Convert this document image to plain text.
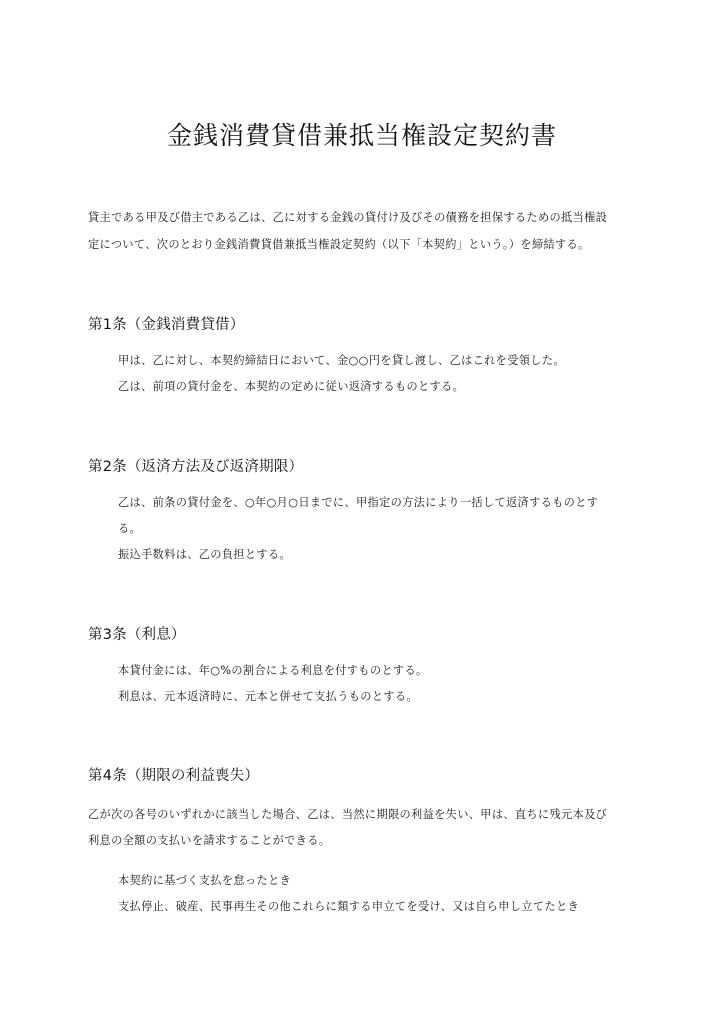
金銭消費貸借兼抵当権設定契約書
貸主である甲及び借主である乙は、乙に対する金銭の貸付け及びその債務を担保するための抵当権設
定について、次のとおり金銭消費貸借兼抵当権設定契約（以下「本契約」という。）を締結する。
第1条（金銭消費貸借）
甲は、乙に対し、本契約締結日において、金○○円を貸し渡し、乙はこれを受領した。
乙は、前項の貸付金を、本契約の定めに従い返済するものとする。
第2条（返済方法及び返済期限）
乙は、前条の貸付金を、○年○月○日までに、甲指定の方法により一括して返済するものとす
る。
振込手数料は、乙の負担とする。
第3条（利息）
本貸付金には、年○%の割合による利息を付すものとする。
利息は、元本返済時に、元本と併せて支払うものとする。
第4条（期限の利益喪失）
乙が次の各号のいずれかに該当した場合、乙は、当然に期限の利益を失い、甲は、直ちに残元本及び
利息の全額の支払いを請求することができる。
本契約に基づく支払を怠ったとき
支払停止、破産、民事再生その他これらに類する申立てを受け、又は自ら申し立てたとき
